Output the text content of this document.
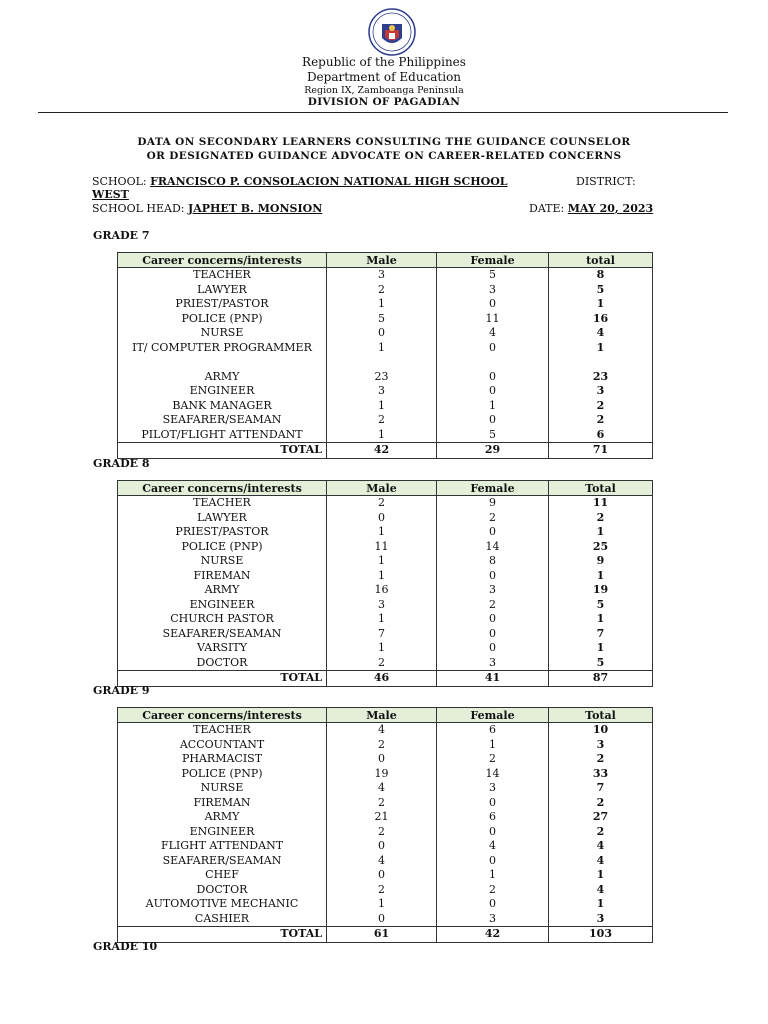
Republic of the Philippines
Department of Education
Region IX, Zamboanga Peninsula
DIVISION OF PAGADIAN
DATA ON SECONDARY LEARNERS CONSULTING THE GUIDANCE COUNSELOR
OR DESIGNATED GUIDANCE ADVOCATE ON CAREER-RELATED CONCERNS
SCHOOL: FRANCISCO P. CONSOLACION NATIONAL HIGH SCHOOL
WEST
DISTRICT:
SCHOOL HEAD: JAPHET B. MONSION	DATE: MAY 20, 2023
GRADE 7
Career concerns/interests	Male	Female	total
TEACHER	3	5	8
LAWYER	2	3	5
PRIEST/PASTOR	1	0	1
POLICE (PNP)	5	11	16
NURSE	0	4	4
IT/ COMPUTER PROGRAMMER	1	0	1
ARMY	23	0	23
ENGINEER	3	0	3
BANK MANAGER	1	1	2
SEAFARER/SEAMAN	2	0	2
PILOT/FLIGHT ATTENDANT	1	5	6
TOTAL	42	29	71
GRADE 8
Career concerns/interests	Male	Female	Total
TEACHER	2	9	11
LAWYER	0	2	2
PRIEST/PASTOR	1	0	1
POLICE (PNP)	11	14	25
NURSE	1	8	9
FIREMAN	1	0	1
ARMY	16	3	19
ENGINEER	3	2	5
CHURCH PASTOR	1	0	1
SEAFARER/SEAMAN	7	0	7
VARSITY	1	0	1
DOCTOR	2	3	5
TOTAL	46	41	87
GRADE 9
Career concerns/interests	Male	Female	Total
TEACHER	4	6	10
ACCOUNTANT	2	1	3
PHARMACIST	0	2	2
POLICE (PNP)	19	14	33
NURSE	4	3	7
FIREMAN	2	0	2
ARMY	21	6	27
ENGINEER	2	0	2
FLIGHT ATTENDANT	0	4	4
SEAFARER/SEAMAN	4	0	4
CHEF	0	1	1
DOCTOR	2	2	4
AUTOMOTIVE MECHANIC	1	0	1
CASHIER	0	3	3
TOTAL	61	42	103
GRADE 10
